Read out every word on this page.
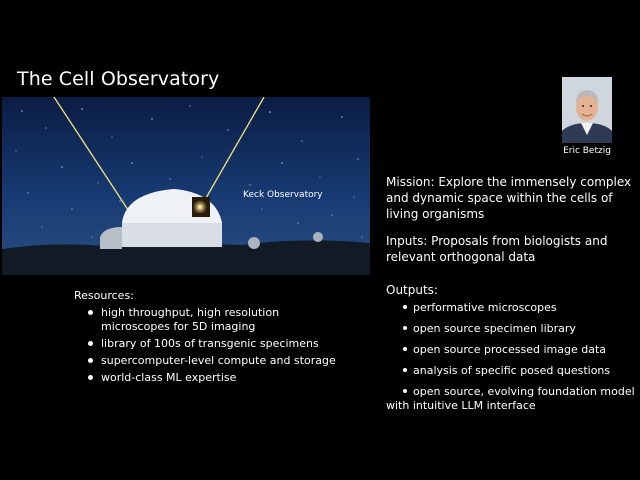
The Cell Observatory
Keck Observatory
Eric Betzig
Mission: Explore the immensely complex and dynamic space within the cells of living organisms
Inputs: Proposals from biologists and relevant orthogonal data
Outputs:
performative microscopes
open source specimen library
open source processed image data
analysis of specific posed questions
open source, evolving foundation model with intuitive LLM interface
Resources:
high throughput, high resolution microscopes for 5D imaging
library of 100s of transgenic specimens
supercomputer-level compute and storage
world-class ML expertise
